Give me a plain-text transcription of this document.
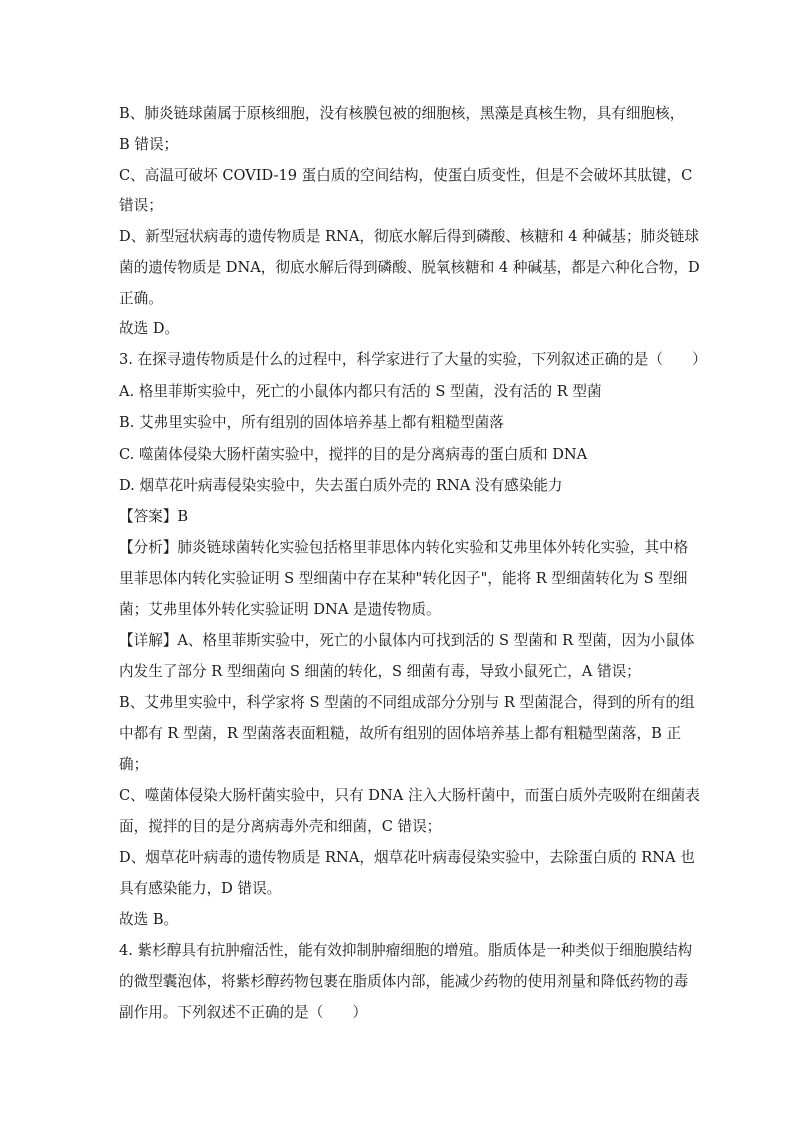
B、肺炎链球菌属于原核细胞，没有核膜包被的细胞核，黑藻是真核生物，具有细胞核，
B 错误；
C、高温可破坏 COVID-19 蛋白质的空间结构，使蛋白质变性，但是不会破坏其肽键，C
错误；
D、新型冠状病毒的遗传物质是 RNA，彻底水解后得到磷酸、核糖和 4 种碱基；肺炎链球
菌的遗传物质是 DNA，彻底水解后得到磷酸、脱氧核糖和 4 种碱基，都是六种化合物，D
正确。
故选 D。
3. 在探寻遗传物质是什么的过程中，科学家进行了大量的实验，下列叙述正确的是（　　）
A. 格里菲斯实验中，死亡的小鼠体内都只有活的 S 型菌，没有活的 R 型菌
B. 艾弗里实验中，所有组别的固体培养基上都有粗糙型菌落
C. 噬菌体侵染大肠杆菌实验中，搅拌的目的是分离病毒的蛋白质和 DNA
D. 烟草花叶病毒侵染实验中，失去蛋白质外壳的 RNA 没有感染能力
【答案】B
【分析】肺炎链球菌转化实验包括格里菲思体内转化实验和艾弗里体外转化实验，其中格
里菲思体内转化实验证明 S 型细菌中存在某种"转化因子"，能将 R 型细菌转化为 S 型细
菌；艾弗里体外转化实验证明 DNA 是遗传物质。
【详解】A、格里菲斯实验中，死亡的小鼠体内可找到活的 S 型菌和 R 型菌，因为小鼠体
内发生了部分 R 型细菌向 S 细菌的转化，S 细菌有毒，导致小鼠死亡，A 错误；
B、艾弗里实验中，科学家将 S 型菌的不同组成部分分别与 R 型菌混合，得到的所有的组
中都有 R 型菌，R 型菌落表面粗糙，故所有组别的固体培养基上都有粗糙型菌落，B 正
确；
C、噬菌体侵染大肠杆菌实验中，只有 DNA 注入大肠杆菌中，而蛋白质外壳吸附在细菌表
面，搅拌的目的是分离病毒外壳和细菌，C 错误；
D、烟草花叶病毒的遗传物质是 RNA，烟草花叶病毒侵染实验中，去除蛋白质的 RNA 也
具有感染能力，D 错误。
故选 B。
4. 紫杉醇具有抗肿瘤活性，能有效抑制肿瘤细胞的增殖。脂质体是一种类似于细胞膜结构
的微型囊泡体，将紫杉醇药物包裹在脂质体内部，能减少药物的使用剂量和降低药物的毒
副作用。下列叙述不正确的是（　　）
